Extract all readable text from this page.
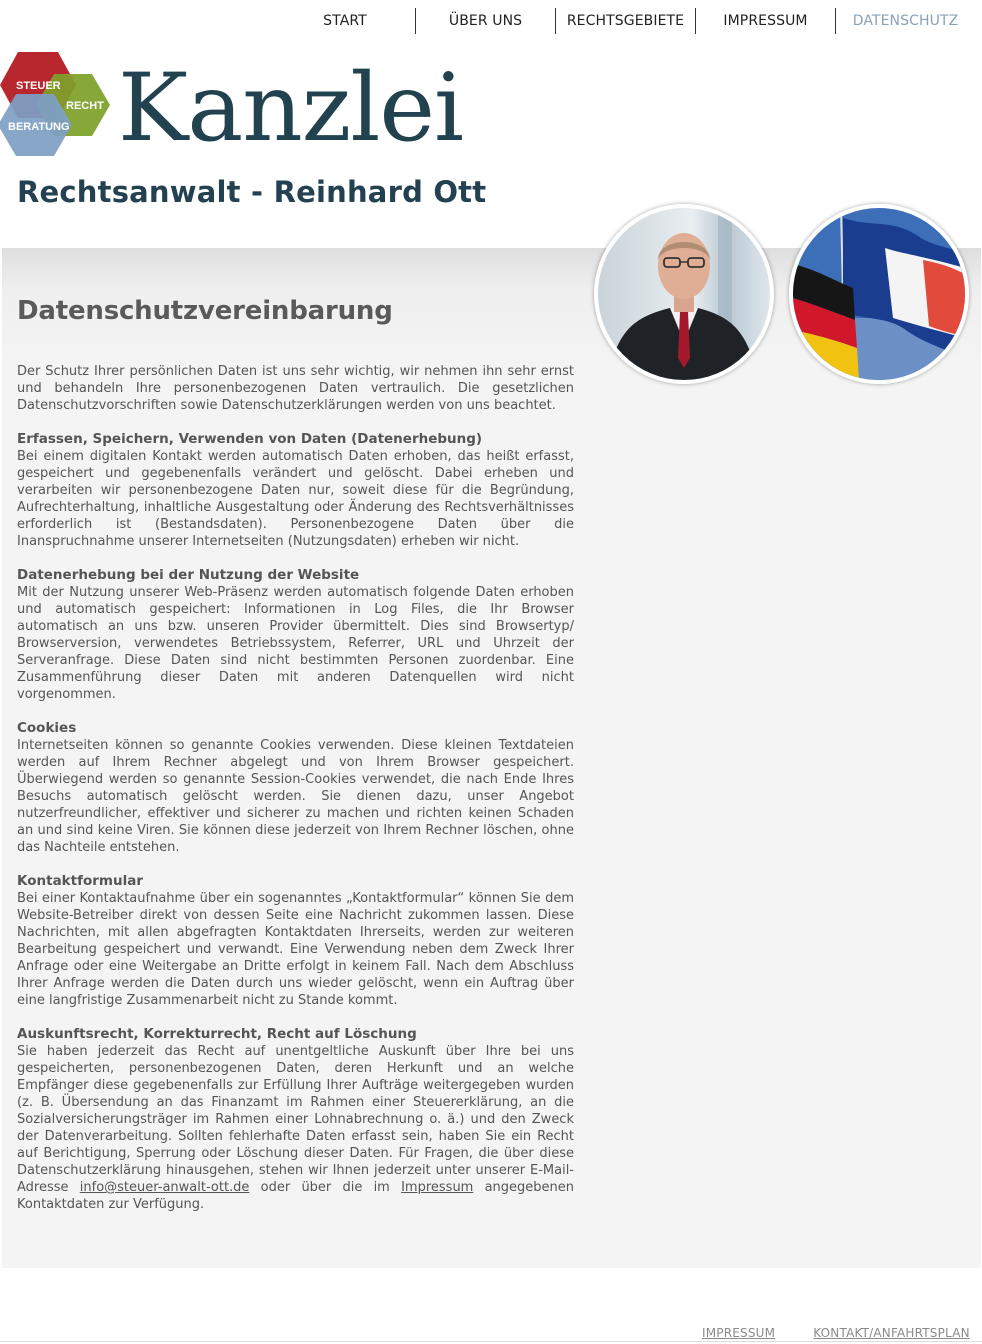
START	ÜBER UNS	RECHTSGEBIETE	IMPRESSUM	DATENSCHUTZ
STEUER
RECHT
BERATUNG Kanzlei
Rechtsanwalt - Reinhard Ott
Datenschutzvereinbarung

Der Schutz Ihrer persönlichen Daten ist uns sehr wichtig, wir nehmen ihn sehr ernst und behandeln Ihre personenbezogenen Daten vertraulich. Die gesetzlichen Datenschutzvorschriften sowie Datenschutzerklärungen werden von uns beachtet.

Erfassen, Speichern, Verwenden von Daten (Datenerhebung)

Bei einem digitalen Kontakt werden automatisch Daten erhoben, das heißt erfasst, gespeichert und gegebenenfalls verändert und gelöscht. Dabei erheben und verarbeiten wir personenbezogene Daten nur, soweit diese für die Begründung, Aufrechterhaltung, inhaltliche Ausgestaltung oder Änderung des Rechtsverhältnisses erforderlich ist (Bestandsdaten). Personenbezogene Daten über die Inanspruchnahme unserer Internetseiten (Nutzungsdaten) erheben wir nicht.

Datenerhebung bei der Nutzung der Website

Mit der Nutzung unserer Web-Präsenz werden automatisch folgende Daten erhoben und automatisch gespeichert: Informationen in Log Files, die Ihr Browser automatisch an uns bzw. unseren Provider übermittelt. Dies sind Browsertyp/ Browserversion, verwendetes Betriebssystem, Referrer, URL und Uhrzeit der Serveranfrage. Diese Daten sind nicht bestimmten Personen zuordenbar. Eine Zusammenführung dieser Daten mit anderen Datenquellen wird nicht vorgenommen.

Cookies

Internetseiten können so genannte Cookies verwenden. Diese kleinen Textdateien werden auf Ihrem Rechner abgelegt und von Ihrem Browser gespeichert. Überwiegend werden so genannte Session-Cookies verwendet, die nach Ende Ihres Besuchs automatisch gelöscht werden. Sie dienen dazu, unser Angebot nutzerfreundlicher, effektiver und sicherer zu machen und richten keinen Schaden an und sind keine Viren. Sie können diese jederzeit von Ihrem Rechner löschen, ohne das Nachteile entstehen.

Kontaktformular

Bei einer Kontaktaufnahme über ein sogenanntes „Kontaktformular“ können Sie dem Website-Betreiber direkt von dessen Seite eine Nachricht zukommen lassen. Diese Nachrichten, mit allen abgefragten Kontaktdaten Ihrerseits, werden zur weiteren Bearbeitung gespeichert und verwandt. Eine Verwendung neben dem Zweck Ihrer Anfrage oder eine Weitergabe an Dritte erfolgt in keinem Fall. Nach dem Abschluss Ihrer Anfrage werden die Daten durch uns wieder gelöscht, wenn ein Auftrag über eine langfristige Zusammenarbeit nicht zu Stande kommt.

Auskunftsrecht, Korrekturrecht, Recht auf Löschung

Sie haben jederzeit das Recht auf unentgeltliche Auskunft über Ihre bei uns gespeicherten, personenbezogenen Daten, deren Herkunft und an welche Empfänger diese gegebenenfalls zur Erfüllung Ihrer Aufträge weitergegeben wurden (z. B. Übersendung an das Finanzamt im Rahmen einer Steuererklärung, an die Sozialversicherungsträger im Rahmen einer Lohnabrechnung o. ä.) und den Zweck der Datenverarbeitung. Sollten fehlerhafte Daten erfasst sein, haben Sie ein Recht auf Berichtigung, Sperrung oder Löschung dieser Daten. Für Fragen, die über diese Datenschutzerklärung hinausgehen, stehen wir Ihnen jederzeit unter unserer E-Mail-Adresse info@steuer-anwalt-ott.de oder über die im Impressum angegebenen Kontaktdaten zur Verfügung.

IMPRESSUM	KONTAKT/ANFAHRTSPLAN
